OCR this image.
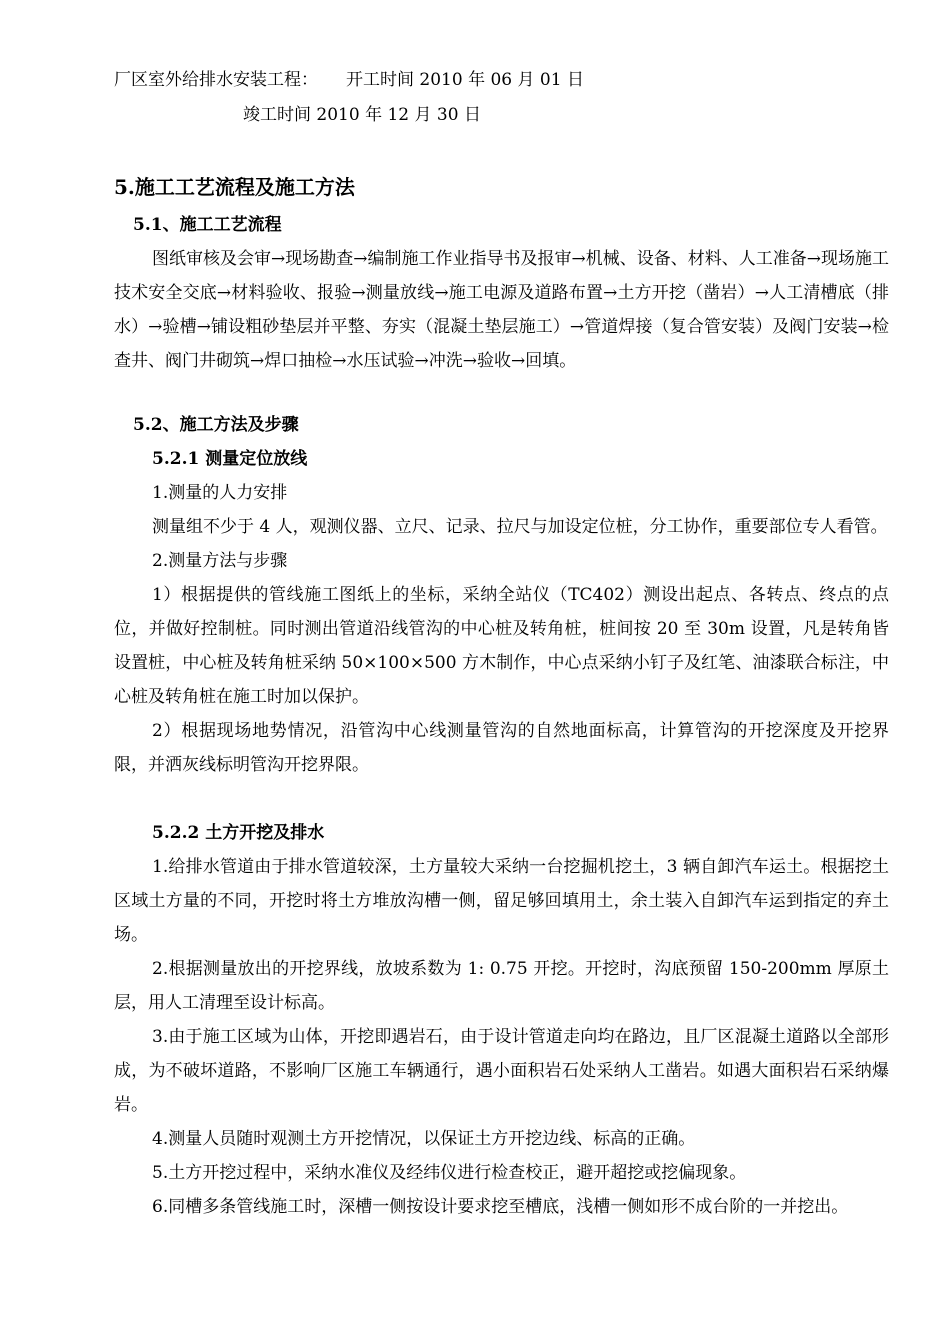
厂区室外给排水安装工程： 开工时间 2010 年 06 月 01 日
竣工时间 2010 年 12 月 30 日
5.施工工艺流程及施工方法
5.1、施工工艺流程

图纸审核及会审→现场勘查→编制施工作业指导书及报审→机械、设备、材料、人工准备→现场施工技术安全交底→材料验收、报验→测量放线→施工电源及道路布置→土方开挖（凿岩）→人工清槽底（排水）→验槽→铺设粗砂垫层并平整、夯实（混凝土垫层施工）→管道焊接（复合管安装）及阀门安装→检查井、阀门井砌筑→焊口抽检→水压试验→冲洗→验收→回填。

5.2、施工方法及步骤
5.2.1 测量定位放线

1.测量的人力安排

测量组不少于 4 人，观测仪器、立尺、记录、拉尺与加设定位桩，分工协作，重要部位专人看管。

2.测量方法与步骤

1）根据提供的管线施工图纸上的坐标，采纳全站仪（TC402）测设出起点、各转点、终点的点位，并做好控制桩。同时测出管道沿线管沟的中心桩及转角桩，桩间按 20 至 30m 设置，凡是转角皆设置桩，中心桩及转角桩采纳 50×100×500 方木制作，中心点采纳小钉子及红笔、油漆联合标注，中心桩及转角桩在施工时加以保护。

2）根据现场地势情况，沿管沟中心线测量管沟的自然地面标高，计算管沟的开挖深度及开挖界限，并洒灰线标明管沟开挖界限。

5.2.2 土方开挖及排水

1.给排水管道由于排水管道较深，土方量较大采纳一台挖掘机挖土，3 辆自卸汽车运土。根据挖土区域土方量的不同，开挖时将土方堆放沟槽一侧，留足够回填用土，余土装入自卸汽车运到指定的弃土场。

2.根据测量放出的开挖界线，放坡系数为 1: 0.75 开挖。开挖时，沟底预留 150-200mm 厚原土层，用人工清理至设计标高。

3.由于施工区域为山体，开挖即遇岩石，由于设计管道走向均在路边，且厂区混凝土道路以全部形成，为不破坏道路，不影响厂区施工车辆通行，遇小面积岩石处采纳人工凿岩。如遇大面积岩石采纳爆岩。

4.测量人员随时观测土方开挖情况，以保证土方开挖边线、标高的正确。

5.土方开挖过程中，采纳水准仪及经纬仪进行检查校正，避开超挖或挖偏现象。

6.同槽多条管线施工时，深槽一侧按设计要求挖至槽底，浅槽一侧如形不成台阶的一并挖出。
